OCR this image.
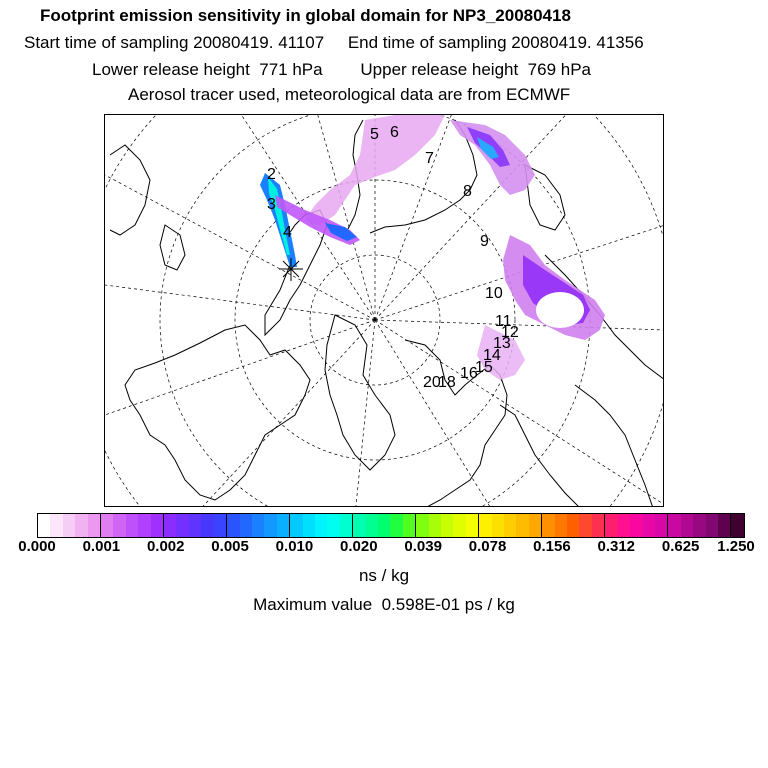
Footprint emission sensitivity in global domain for NP3_20080418
Start time of sampling 20080419. 41107     End time of sampling 20080419. 41356
Lower release height  771 hPa        Upper release height  769 hPa
Aerosol tracer used, meteorological data are from ECMWF
5 6
7
2
8
3
4
9
10
11
12
13
14
15
16
20
18
0.000 0.001 0.002 0.005 0.010 0.020 0.039 0.078 0.156 0.312 0.625 1.250
ns / kg
Maximum value  0.598E-01 ps / kg
